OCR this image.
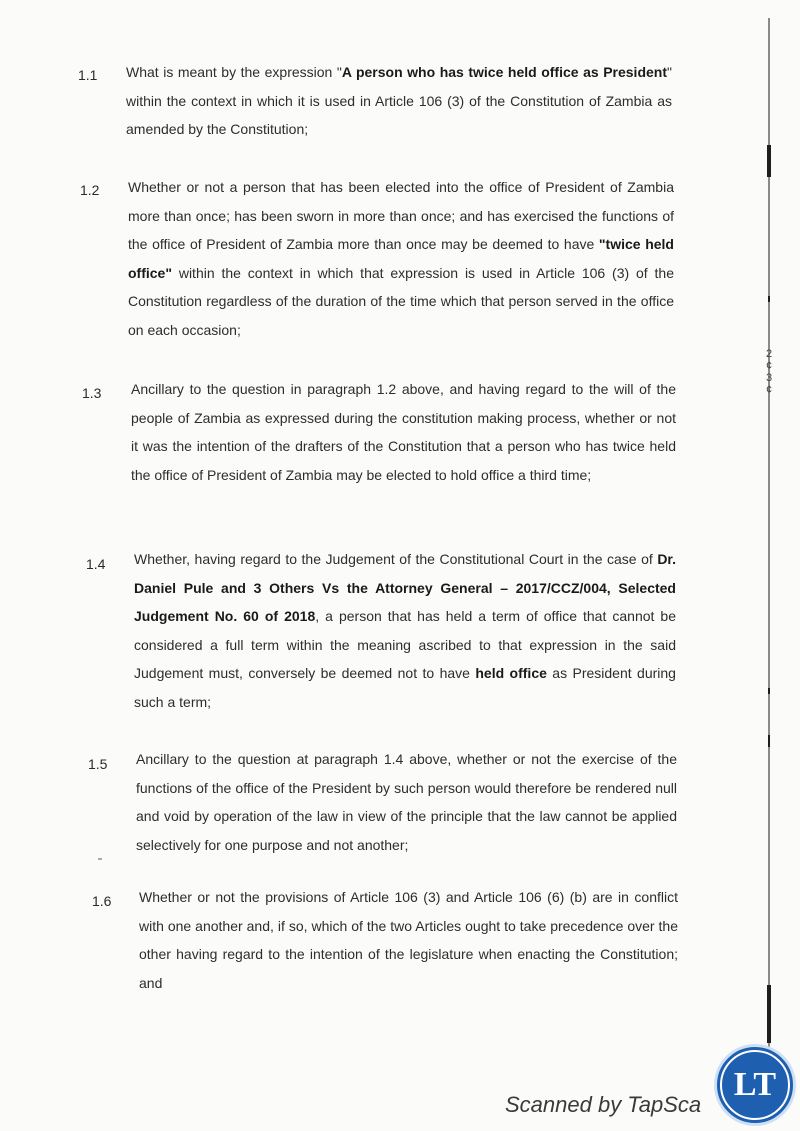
2
¢
3
¢
1.1 What is meant by the expression "A person who has twice held office as President" within the context in which it is used in Article 106 (3) of the Constitution of Zambia as amended by the Constitution;
1.2 Whether or not a person that has been elected into the office of President of Zambia more than once; has been sworn in more than once; and has exercised the functions of the office of President of Zambia more than once may be deemed to have "twice held office" within the context in which that expression is used in Article 106 (3) of the Constitution regardless of the duration of the time which that person served in the office on each occasion;
1.3 Ancillary to the question in paragraph 1.2 above, and having regard to the will of the people of Zambia as expressed during the constitution making process, whether or not it was the intention of the drafters of the Constitution that a person who has twice held the office of President of Zambia may be elected to hold office a third time;
1.4 Whether, having regard to the Judgement of the Constitutional Court in the case of Dr. Daniel Pule and 3 Others Vs the Attorney General – 2017/CCZ/004, Selected Judgement No. 60 of 2018, a person that has held a term of office that cannot be considered a full term within the meaning ascribed to that expression in the said Judgement must, conversely be deemed not to have held office as President during such a term;
1.5 Ancillary to the question at paragraph 1.4 above, whether or not the exercise of the functions of the office of the President by such person would therefore be rendered null and void by operation of the law in view of the principle that the law cannot be applied selectively for one purpose and not another;
1.6 Whether or not the provisions of Article 106 (3) and Article 106 (6) (b) are in conflict with one another and, if so, which of the two Articles ought to take precedence over the other having regard to the intention of the legislature when enacting the Constitution; and
Scanned by TapSca
LT
